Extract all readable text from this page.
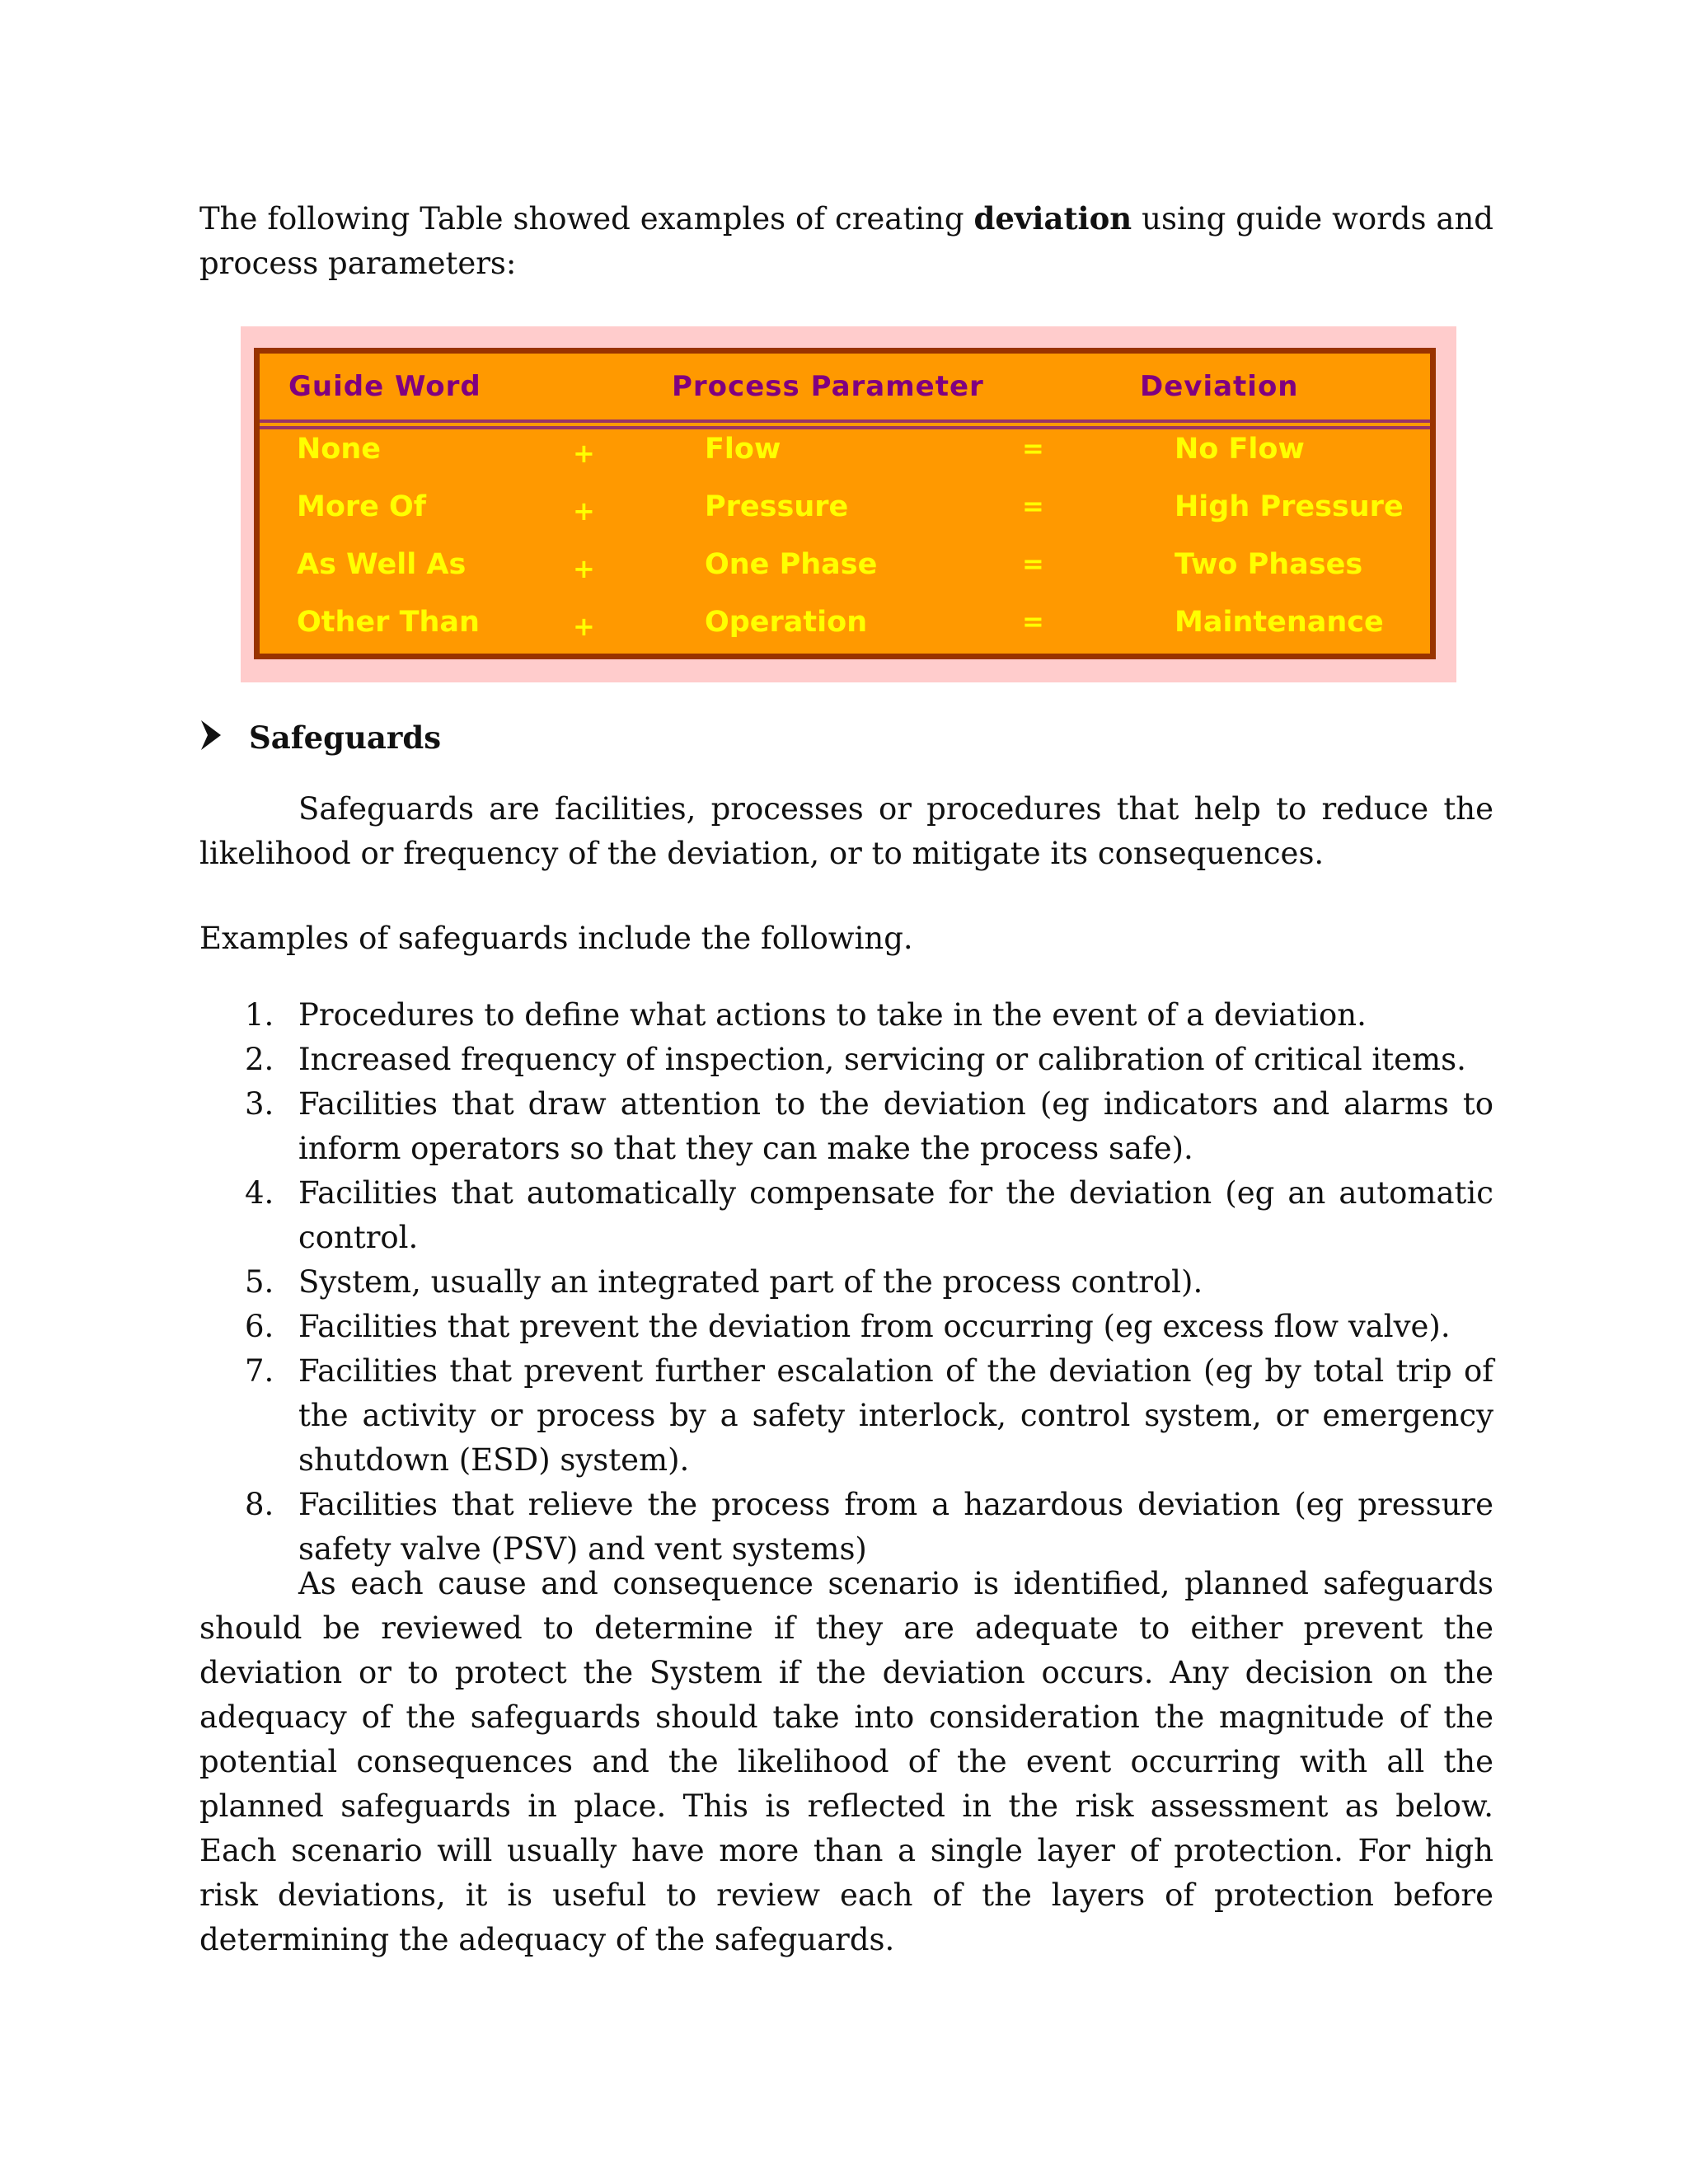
The following Table showed examples of creating deviation using guide words and process parameters:

Guide Word	Process Parameter	Deviation
None	+	Flow	=	No Flow
More Of	+	Pressure	=	High Pressure
As Well As	+	One Phase	=	Two Phases
Other Than	+	Operation	=	Maintenance
Safeguards

Safeguards are facilities, processes or procedures that help to reduce the likelihood or frequency of the deviation, or to mitigate its consequences.

Examples of safeguards include the following.

1. Procedures to define what actions to take in the event of a deviation.
2. Increased frequency of inspection, servicing or calibration of critical items.
3. Facilities that draw attention to the deviation (eg indicators and alarms to inform operators so that they can make the process safe).
4. Facilities that automatically compensate for the deviation (eg an automatic control.
5. System, usually an integrated part of the process control).
6. Facilities that prevent the deviation from occurring (eg excess flow valve).
7. Facilities that prevent further escalation of the deviation (eg by total trip of the activity or process by a safety interlock, control system, or emergency shutdown (ESD) system).
8. Facilities that relieve the process from a hazardous deviation (eg pressure safety valve (PSV) and vent systems)

As each cause and consequence scenario is identified, planned safeguards should be reviewed to determine if they are adequate to either prevent the deviation or to protect the System if the deviation occurs. Any decision on the adequacy of the safeguards should take into consideration the magnitude of the potential consequences and the likelihood of the event occurring with all the planned safeguards in place. This is reflected in the risk assessment as below. Each scenario will usually have more than a single layer of protection. For high risk deviations, it is useful to review each of the layers of protection before determining the adequacy of the safeguards.
